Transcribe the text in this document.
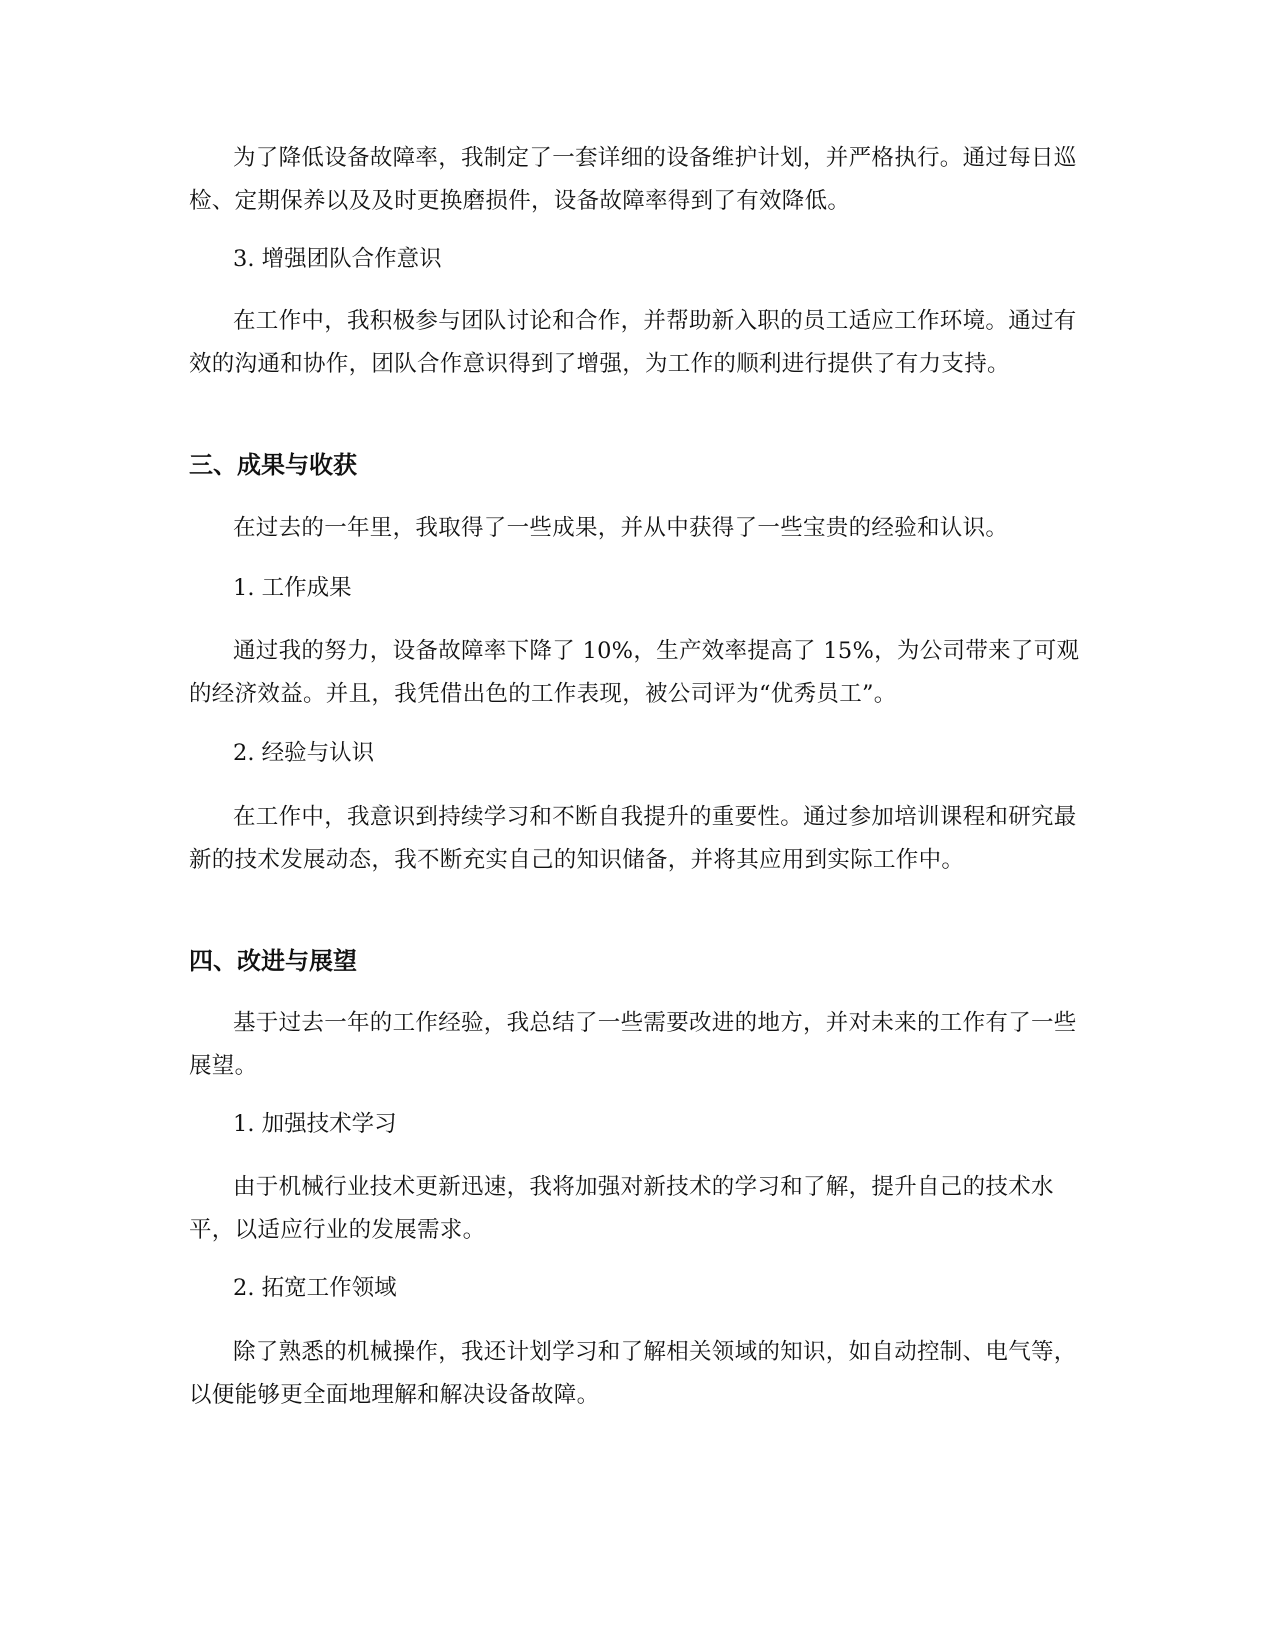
为了降低设备故障率，我制定了一套详细的设备维护计划，并严格执行。通过每日巡检、定期保养以及及时更换磨损件，设备故障率得到了有效降低。

3. 增强团队合作意识

在工作中，我积极参与团队讨论和合作，并帮助新入职的员工适应工作环境。通过有效的沟通和协作，团队合作意识得到了增强，为工作的顺利进行提供了有力支持。

三、成果与收获

在过去的一年里，我取得了一些成果，并从中获得了一些宝贵的经验和认识。

1. 工作成果

通过我的努力，设备故障率下降了 10%，生产效率提高了 15%，为公司带来了可观的经济效益。并且，我凭借出色的工作表现，被公司评为“优秀员工”。

2. 经验与认识

在工作中，我意识到持续学习和不断自我提升的重要性。通过参加培训课程和研究最新的技术发展动态，我不断充实自己的知识储备，并将其应用到实际工作中。

四、改进与展望

基于过去一年的工作经验，我总结了一些需要改进的地方，并对未来的工作有了一些展望。

1. 加强技术学习

由于机械行业技术更新迅速，我将加强对新技术的学习和了解，提升自己的技术水平，以适应行业的发展需求。

2. 拓宽工作领域

除了熟悉的机械操作，我还计划学习和了解相关领域的知识，如自动控制、电气等，以便能够更全面地理解和解决设备故障。
